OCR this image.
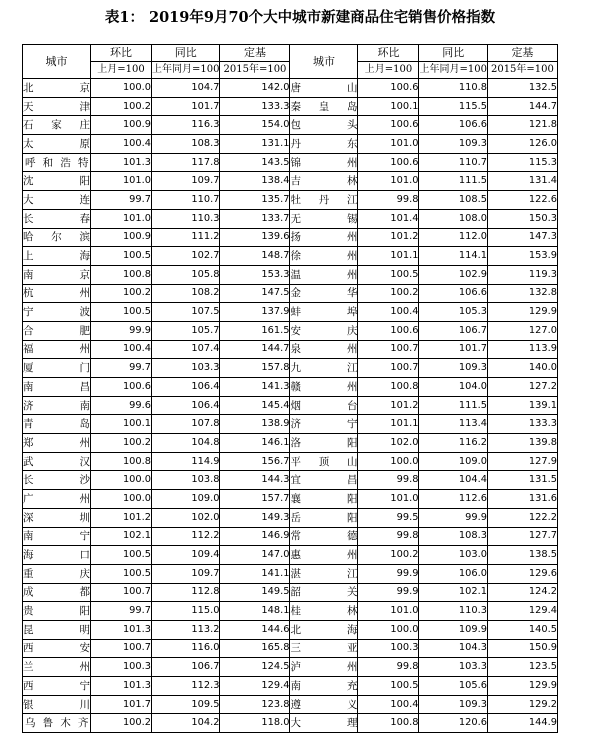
表1： 2019年9月70个大中城市新建商品住宅销售价格指数
城市	环比	同比	定基	城市	环比	同比	定基
	上月=100	上年同月=100	2015年=100		上月=100	上年同月=100	2015年=100
北京	100.0	104.7	142.0	唐山	100.6	110.8	132.5
天津	100.2	101.7	133.3	秦皇岛	100.1	115.5	144.7
石家庄	100.9	116.3	154.0	包头	100.6	106.6	121.8
太原	100.4	108.3	131.1	丹东	101.0	109.3	126.0
呼和浩特	101.3	117.8	143.5	锦州	100.6	110.7	115.3
沈阳	101.0	109.7	138.4	吉林	101.0	111.5	131.4
大连	99.7	110.7	135.7	牡丹江	99.8	108.5	122.6
长春	101.0	110.3	133.7	无锡	101.4	108.0	150.3
哈尔滨	100.9	111.2	139.6	扬州	101.2	112.0	147.3
上海	100.5	102.7	148.7	徐州	101.1	114.1	153.9
南京	100.8	105.8	153.3	温州	100.5	102.9	119.3
杭州	100.2	108.2	147.5	金华	100.2	106.6	132.8
宁波	100.5	107.5	137.9	蚌埠	100.4	105.3	129.9
合肥	99.9	105.7	161.5	安庆	100.6	106.7	127.0
福州	100.4	107.4	144.7	泉州	100.7	101.7	113.9
厦门	99.7	103.3	157.8	九江	100.7	109.3	140.0
南昌	100.6	106.4	141.3	赣州	100.8	104.0	127.2
济南	99.6	106.4	145.4	烟台	101.2	111.5	139.1
青岛	100.1	107.8	138.9	济宁	101.1	113.4	133.3
郑州	100.2	104.8	146.1	洛阳	102.0	116.2	139.8
武汉	100.8	114.9	156.7	平顶山	100.0	109.0	127.9
长沙	100.0	103.8	144.3	宜昌	99.8	104.4	131.5
广州	100.0	109.0	157.7	襄阳	101.0	112.6	131.6
深圳	101.2	102.0	149.3	岳阳	99.5	99.9	122.2
南宁	102.1	112.2	146.9	常德	99.8	108.3	127.7
海口	100.5	109.4	147.0	惠州	100.2	103.0	138.5
重庆	100.5	109.7	141.1	湛江	99.9	106.0	129.6
成都	100.7	112.8	149.5	韶关	99.9	102.1	124.2
贵阳	99.7	115.0	148.1	桂林	101.0	110.3	129.4
昆明	101.3	113.2	144.6	北海	100.0	109.9	140.5
西安	100.7	116.0	165.8	三亚	100.3	104.3	150.9
兰州	100.3	106.7	124.5	泸州	99.8	103.3	123.5
西宁	101.3	112.3	129.4	南充	100.5	105.6	129.9
银川	101.7	109.5	123.8	遵义	100.4	109.3	129.2
乌鲁木齐	100.2	104.2	118.0	大理	100.8	120.6	144.9
